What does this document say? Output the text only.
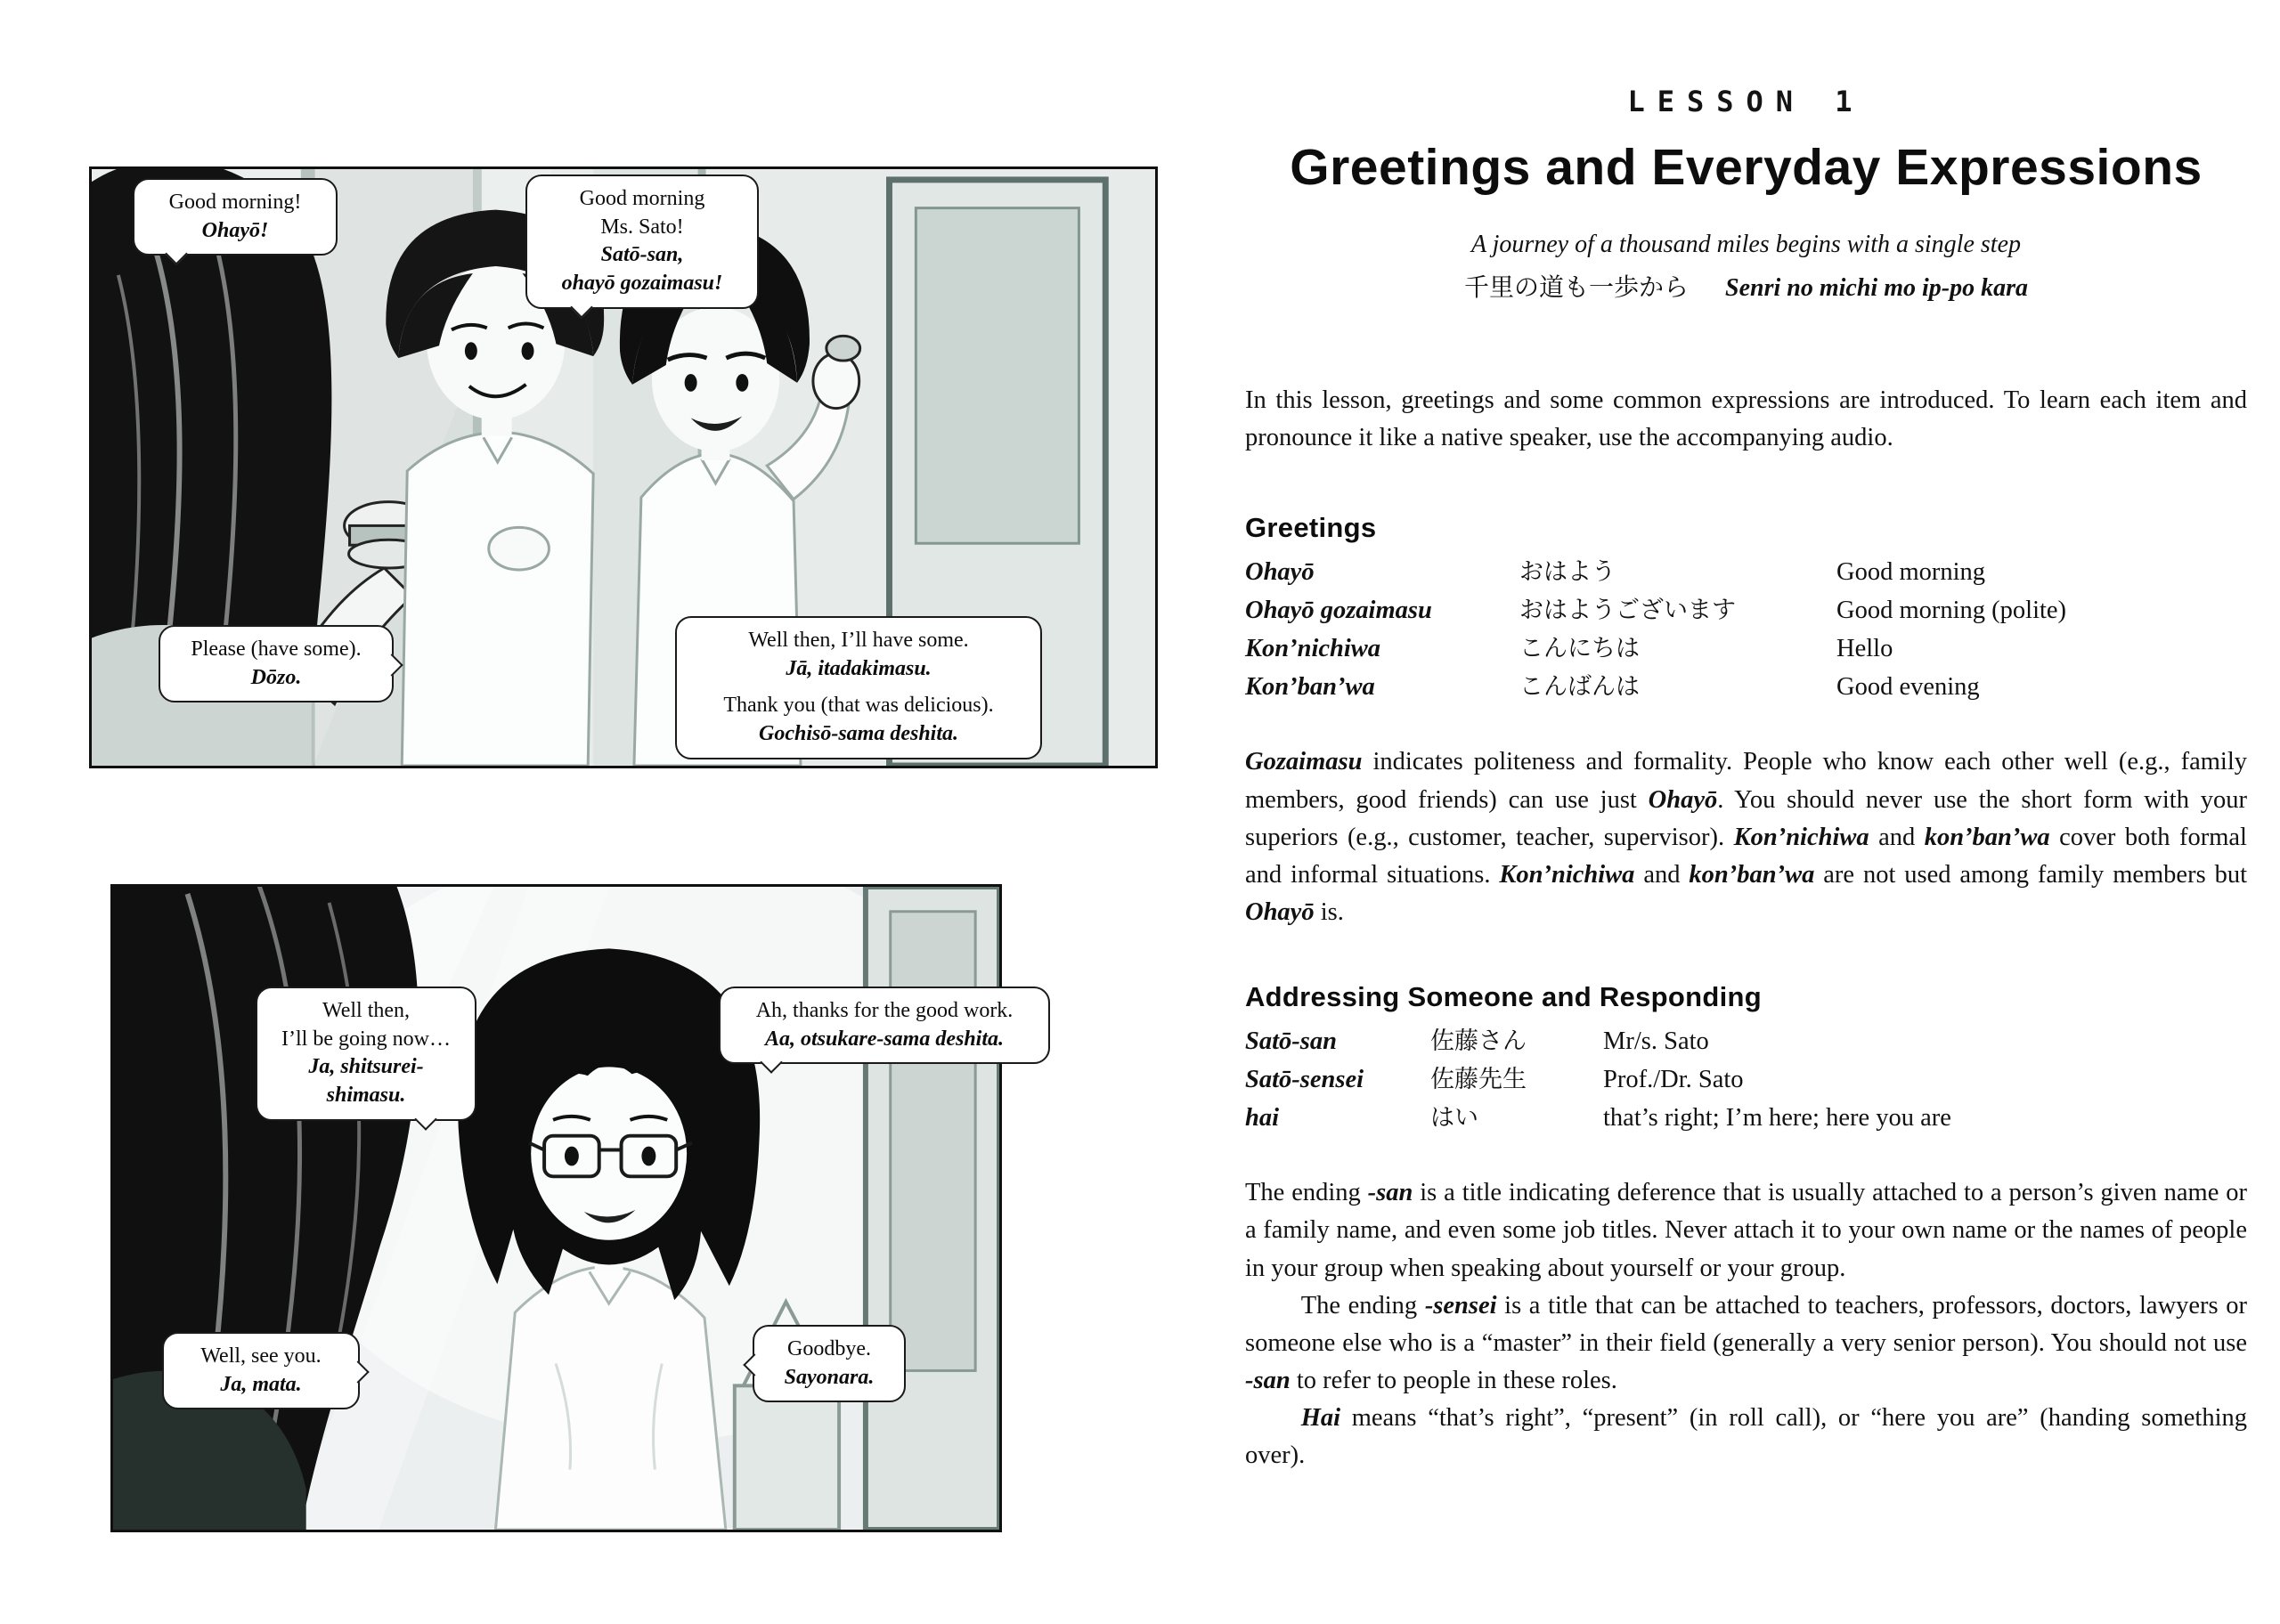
Good morning!
Ohayō!
Good morning
Ms. Sato!
Satō-san,
ohayō gozaimasu!
Please (have some).
Dōzo.
Well then, I’ll have some.
Jā, itadakimasu.
Thank you (that was delicious).
Gochisō-sama deshita.
Well then,
I’ll be going now…
Ja, shitsurei-
shimasu.
Ah, thanks for the good work.
Aa, otsukare-sama deshita.
Well, see you.
Ja, mata.
Goodbye.
Sayonara.
LESSON 1
Greetings and Everyday Expressions
A journey of a thousand miles begins with a single step
千里の道も一歩から Senri no michi mo ip-po kara

In this lesson, greetings and some common expressions are introduced. To learn each item and pronounce it like a native speaker, use the accompanying audio.

Greetings
Ohayō	おはよう	Good morning
Ohayō gozaimasu	おはようございます	Good morning (polite)
Kon’nichiwa	こんにちは	Hello
Kon’ban’wa	こんばんは	Good evening

Gozaimasu indicates politeness and formality. People who know each other well (e.g., family members, good friends) can use just Ohayō. You should never use the short form with your superiors (e.g., customer, teacher, supervisor). Kon’nichiwa and kon’ban’wa cover both formal and informal situations. Kon’nichiwa and kon’ban’wa are not used among family members but Ohayō is.

Addressing Someone and Responding
Satō-san	佐藤さん	Mr/s. Sato
Satō-sensei	佐藤先生	Prof./Dr. Sato
hai	はい	that’s right; I’m here; here you are

The ending -san is a title indicating deference that is usually attached to a person’s given name or a family name, and even some job titles. Never attach it to your own name or the names of people in your group when speaking about yourself or your group.

The ending -sensei is a title that can be attached to teachers, professors, doctors, lawyers or someone else who is a “master” in their field (generally a very senior person). You should not use -san to refer to people in these roles.

Hai means “that’s right”, “present” (in roll call), or “here you are” (handing something over).
